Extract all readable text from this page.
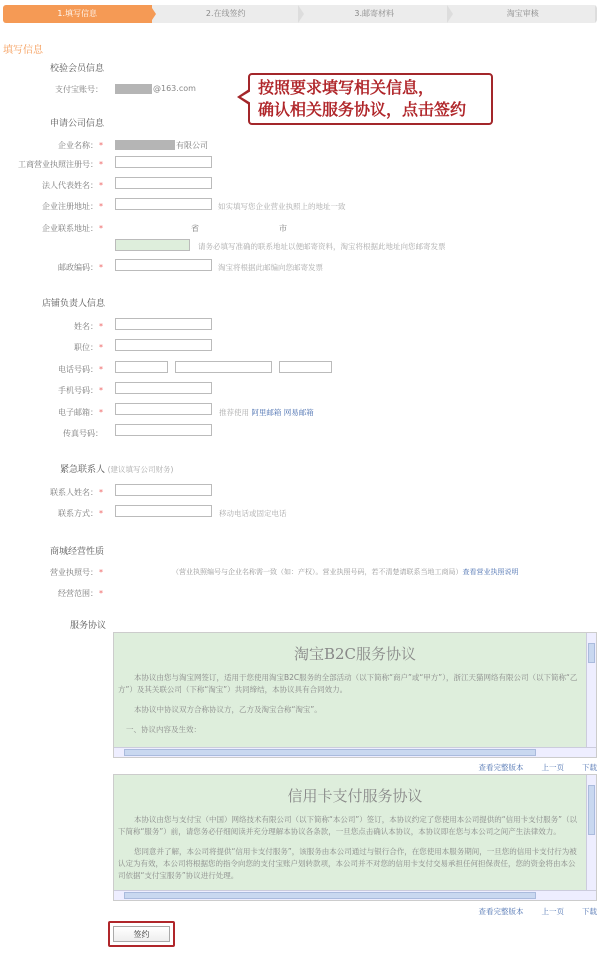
1.填写信息	2.在线签约	3.邮寄材料	淘宝审核
填写信息
按照要求填写相关信息，
确认相关服务协议，点击签约
校验会员信息
支付宝账号：	@163.com
申请公司信息
企业名称：*	有限公司
工商营业执照注册号：*
法人代表姓名：*
企业注册地址：*	如实填写您企业营业执照上的地址一致
企业联系地址：*	省	市
请务必填写准确的联系地址以便邮寄资料，淘宝将根据此地址向您邮寄发票
邮政编码：*	淘宝将根据此邮编向您邮寄发票
店铺负责人信息
姓名：*
职位：*
电话号码：*
手机号码：*
电子邮箱：*	推荐使用 阿里邮箱 网易邮箱
传真号码：
紧急联系人 (建议填写公司财务)
联系人姓名：*
联系方式：*	移动电话或固定电话
商城经营性质
营业执照号：*	（营业执照编号与企业名称需一致（如：产权）。营业执照号码，若不清楚请联系当地工商局）查看营业执照说明
经营范围：*
服务协议
淘宝B2C服务协议

本协议由您与淘宝网签订，适用于您使用淘宝B2C服务的全部活动（以下简称“商户”或“甲方”），浙江天猫网络有限公司（以下简称“乙方”）及其关联公司（下称“淘宝”）共同缔结，本协议具有合同效力。

本协议中协议双方合称协议方，乙方及淘宝合称“淘宝”。

一、协议内容及生效：

查看完整版本 上一页 下载
信用卡支付服务协议

本协议由您与支付宝（中国）网络技术有限公司（以下简称“本公司”）签订，本协议约定了您使用本公司提供的“信用卡支付服务”（以下简称“服务”）前，请您务必仔细阅读并充分理解本协议各条款，一旦您点击确认本协议，本协议即在您与本公司之间产生法律效力。

您同意并了解，本公司将提供“信用卡支付服务”，该服务由本公司通过与银行合作，在您使用本服务期间，一旦您的信用卡支付行为被认定为有效，本公司将根据您的指令向您的支付宝账户划转款项，本公司并不对您的信用卡支付交易承担任何担保责任，您的资金将由本公司依据“支付宝服务”协议进行处理。

查看完整版本 上一页 下载
签约
